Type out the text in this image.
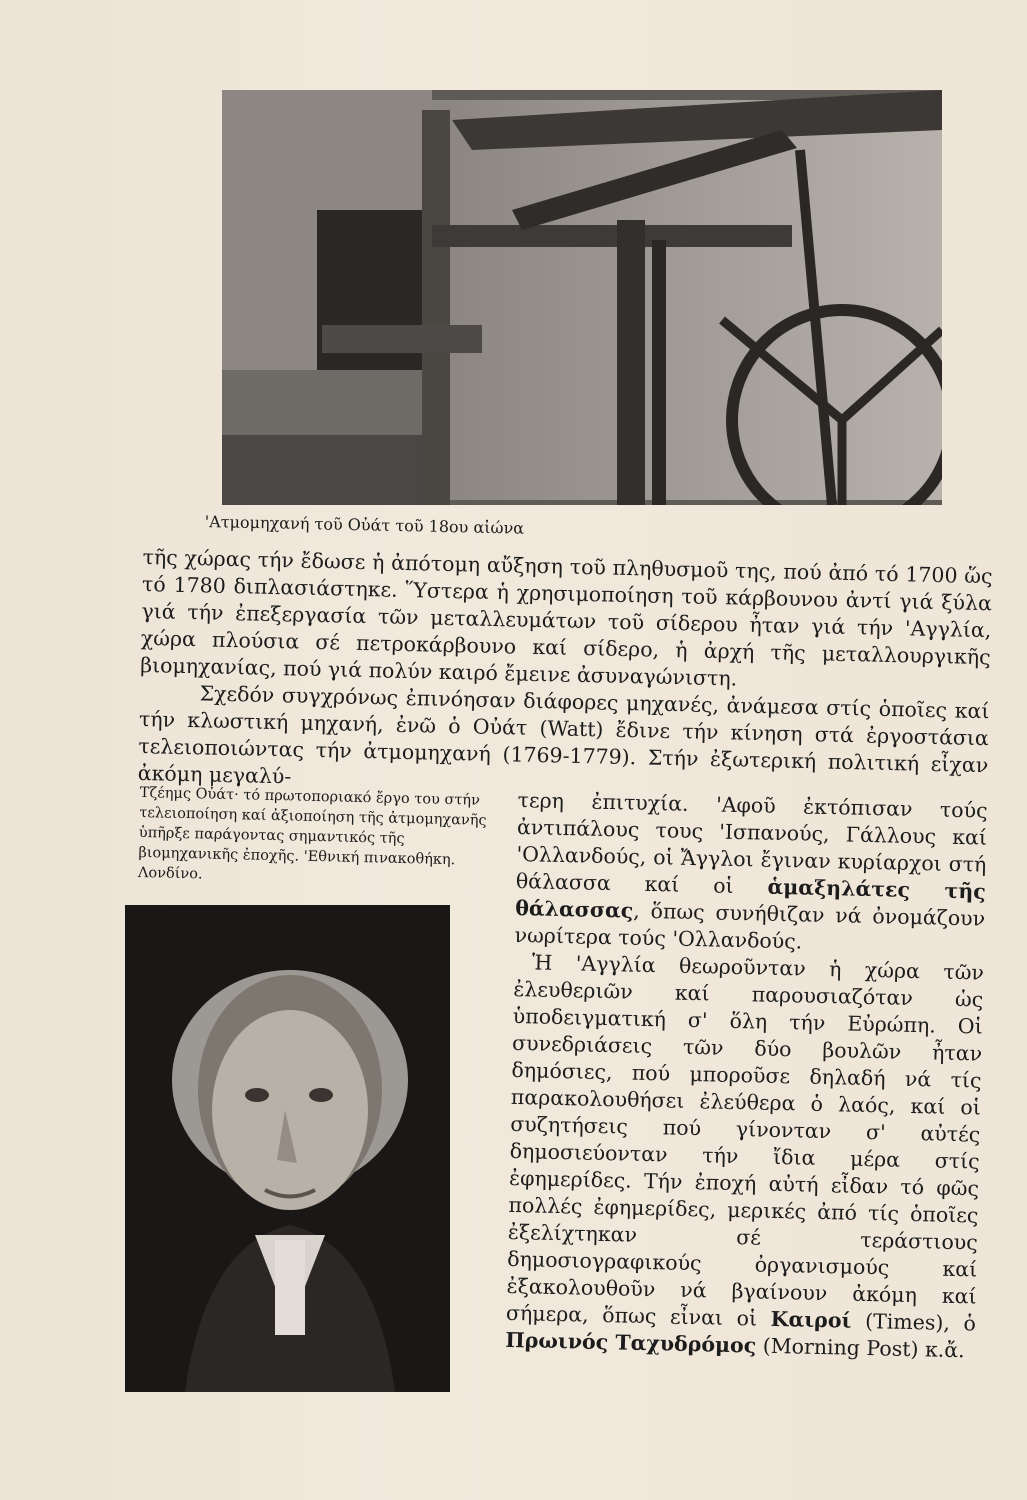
'Ατμομηχανή τοῦ Οὐάτ τοῦ 18ου αἰώνα

τῆς χώρας τήν ἔδωσε ἡ ἀπότομη αὔξηση τοῦ πληθυσμοῦ της, πού ἀπό τό 1700 ὥς τό 1780 διπλασιάστηκε. Ὕστερα ἡ χρησιμοποίηση τοῦ κάρβουνου ἀντί γιά ξύλα γιά τήν ἐπεξεργασία τῶν μεταλλευμάτων τοῦ σίδερου ἦταν γιά τήν 'Αγγλία, χώρα πλούσια σέ πετροκάρβουνο καί σίδερο, ἡ ἀρχή τῆς μεταλλουργικῆς βιομηχανίας, πού γιά πολύν καιρό ἔμεινε ἀσυναγώνιστη.

Σχεδόν συγχρόνως ἐπινόησαν διάφορες μηχανές, ἀνάμεσα στίς ὁποῖες καί τήν κλωστική μηχανή, ἐνῶ ὁ Οὐάτ (Watt) ἔδινε τήν κίνηση στά ἐργοστάσια τελειοποιώντας τήν ἀτμομηχανή (1769-1779). Στήν ἐξωτερική πολιτική εἶχαν ἀκόμη μεγαλύ-

Τζέημς Οὐάτ· τό πρωτοποριακό ἔργο του στήν τελειοποίηση καί ἀξιοποίηση τῆς ἀτμομηχανῆς ὑπῆρξε παράγοντας σημαντικός τῆς βιομηχανικῆς ἐποχῆς. 'Εθνική πινακοθήκη. Λονδίνο.

τερη ἐπιτυχία. 'Αφοῦ ἐκτόπισαν τούς ἀντιπάλους τους 'Ισπανούς, Γάλλους καί 'Ολλανδούς, οἱ Ἄγγλοι ἔγιναν κυρίαρχοι στή θάλασσα καί οἱ ἁμαξηλάτες τῆς θάλασσας, ὅπως συνήθιζαν νά ὀνομάζουν νωρίτερα τούς 'Ολλανδούς.

Ἡ 'Αγγλία θεωροῦνταν ἡ χώρα τῶν ἐλευθεριῶν καί παρουσιαζόταν ὡς ὑποδειγματική σ' ὅλη τήν Εὐρώπη. Οἱ συνεδριάσεις τῶν δύο βουλῶν ἦταν δημόσιες, πού μποροῦσε δηλαδή νά τίς παρακολουθήσει ἐλεύθερα ὁ λαός, καί οἱ συζητήσεις πού γίνονταν σ' αὐτές δημοσιεύονταν τήν ἴδια μέρα στίς ἐφημερίδες. Τήν ἐποχή αὐτή εἶδαν τό φῶς πολλές ἐφημερίδες, μερικές ἀπό τίς ὁποῖες ἐξελίχτηκαν σέ τεράστιους δημοσιογραφικούς ὀργανισμούς καί ἐξακολουθοῦν νά βγαίνουν ἀκόμη καί σήμερα, ὅπως εἶναι οἱ Καιροί (Times), ὁ Πρωινός Ταχυδρόμος (Morning Post) κ.ἄ.
